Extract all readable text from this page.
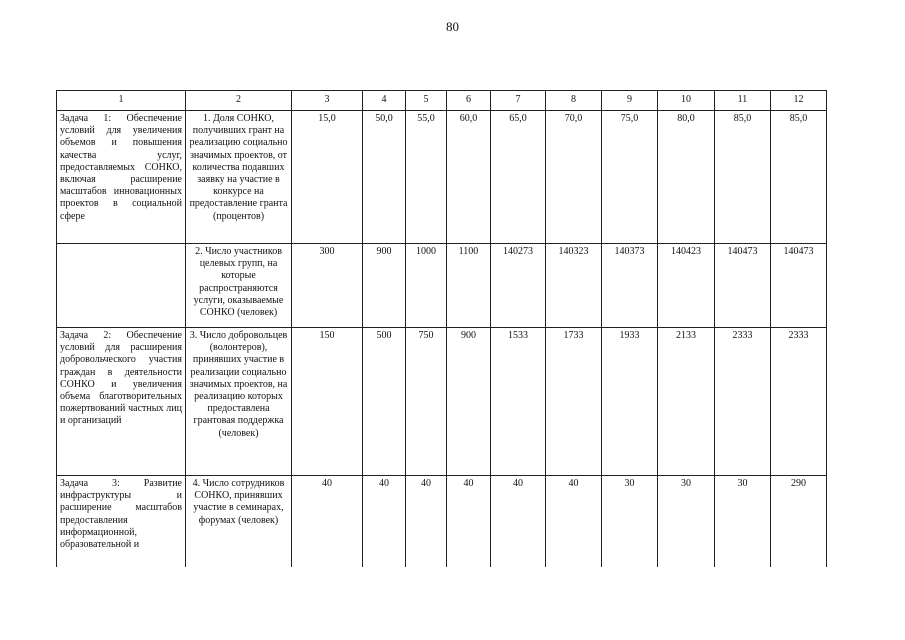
80
1	2	3	4	5	6	7	8	9	10	11	12
Задача 1: Обеспечение условий для увеличения объемов и повышения качества услуг, предоставляемых СОНКО, включая расширение масштабов инновационных проектов в социальной сфере	1. Доля СОНКО, получивших грант на реализацию социально значимых проектов, от количества подавших заявку на участие в конкурсе на предоставление гранта (процентов)	15,0	50,0	55,0	60,0	65,0	70,0	75,0	80,0	85,0	85,0
	2. Число участников целевых групп, на которые распространяются услуги, оказываемые СОНКО (человек)	300	900	1000	1100	140273	140323	140373	140423	140473	140473
Задача 2: Обеспечение условий для расширения добровольческого участия граждан в деятельности СОНКО и увеличения объема благотворительных пожертвований частных лиц и организаций	3. Число добровольцев (волонтеров), принявших участие в реализации социально значимых проектов, на реализацию которых предоставлена грантовая поддержка (человек)	150	500	750	900	1533	1733	1933	2133	2333	2333
Задача 3: Развитие инфраструктуры и расширение масштабов предоставления информационной, образовательной и	4. Число сотрудников СОНКО, принявших участие в семинарах, форумах (человек)	40	40	40	40	40	40	30	30	30	290
